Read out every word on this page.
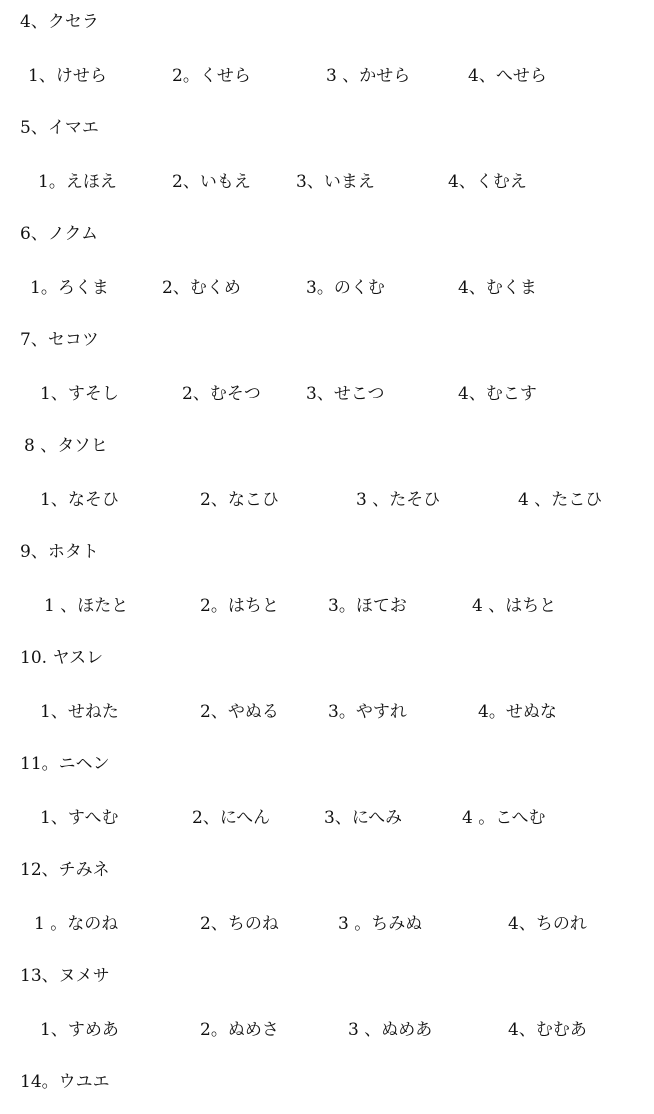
4、クセラ
1、けせら	2。くせら	3 、かせら	4、へせら
5、イマエ
1。えほえ	2、いもえ	3、いまえ	4、くむえ
6、ノクム
1。ろくま	2、むくめ	3。のくむ	4、むくま
7、セコツ
1、すそし	2、むそつ	3、せこつ	4、むこす
8 、タソヒ
1、なそひ	2、なこひ	3 、たそひ	4 、たこひ
9、ホタト
1 、ほたと	2。はちと	3。ほてお	4 、はちと
10. ヤスレ
1、せねた	2、やぬる	3。やすれ	4。せぬな
11。ニヘン
1、すへむ	2、にへん	3、にへみ	4 。こへむ
12、チみネ
1 。なのね	2、ちのね	3 。ちみぬ	4、ちのれ
13、ヌメサ
1、すめあ	2。ぬめさ	3 、ぬめあ	4、むむあ
14。ウユエ
